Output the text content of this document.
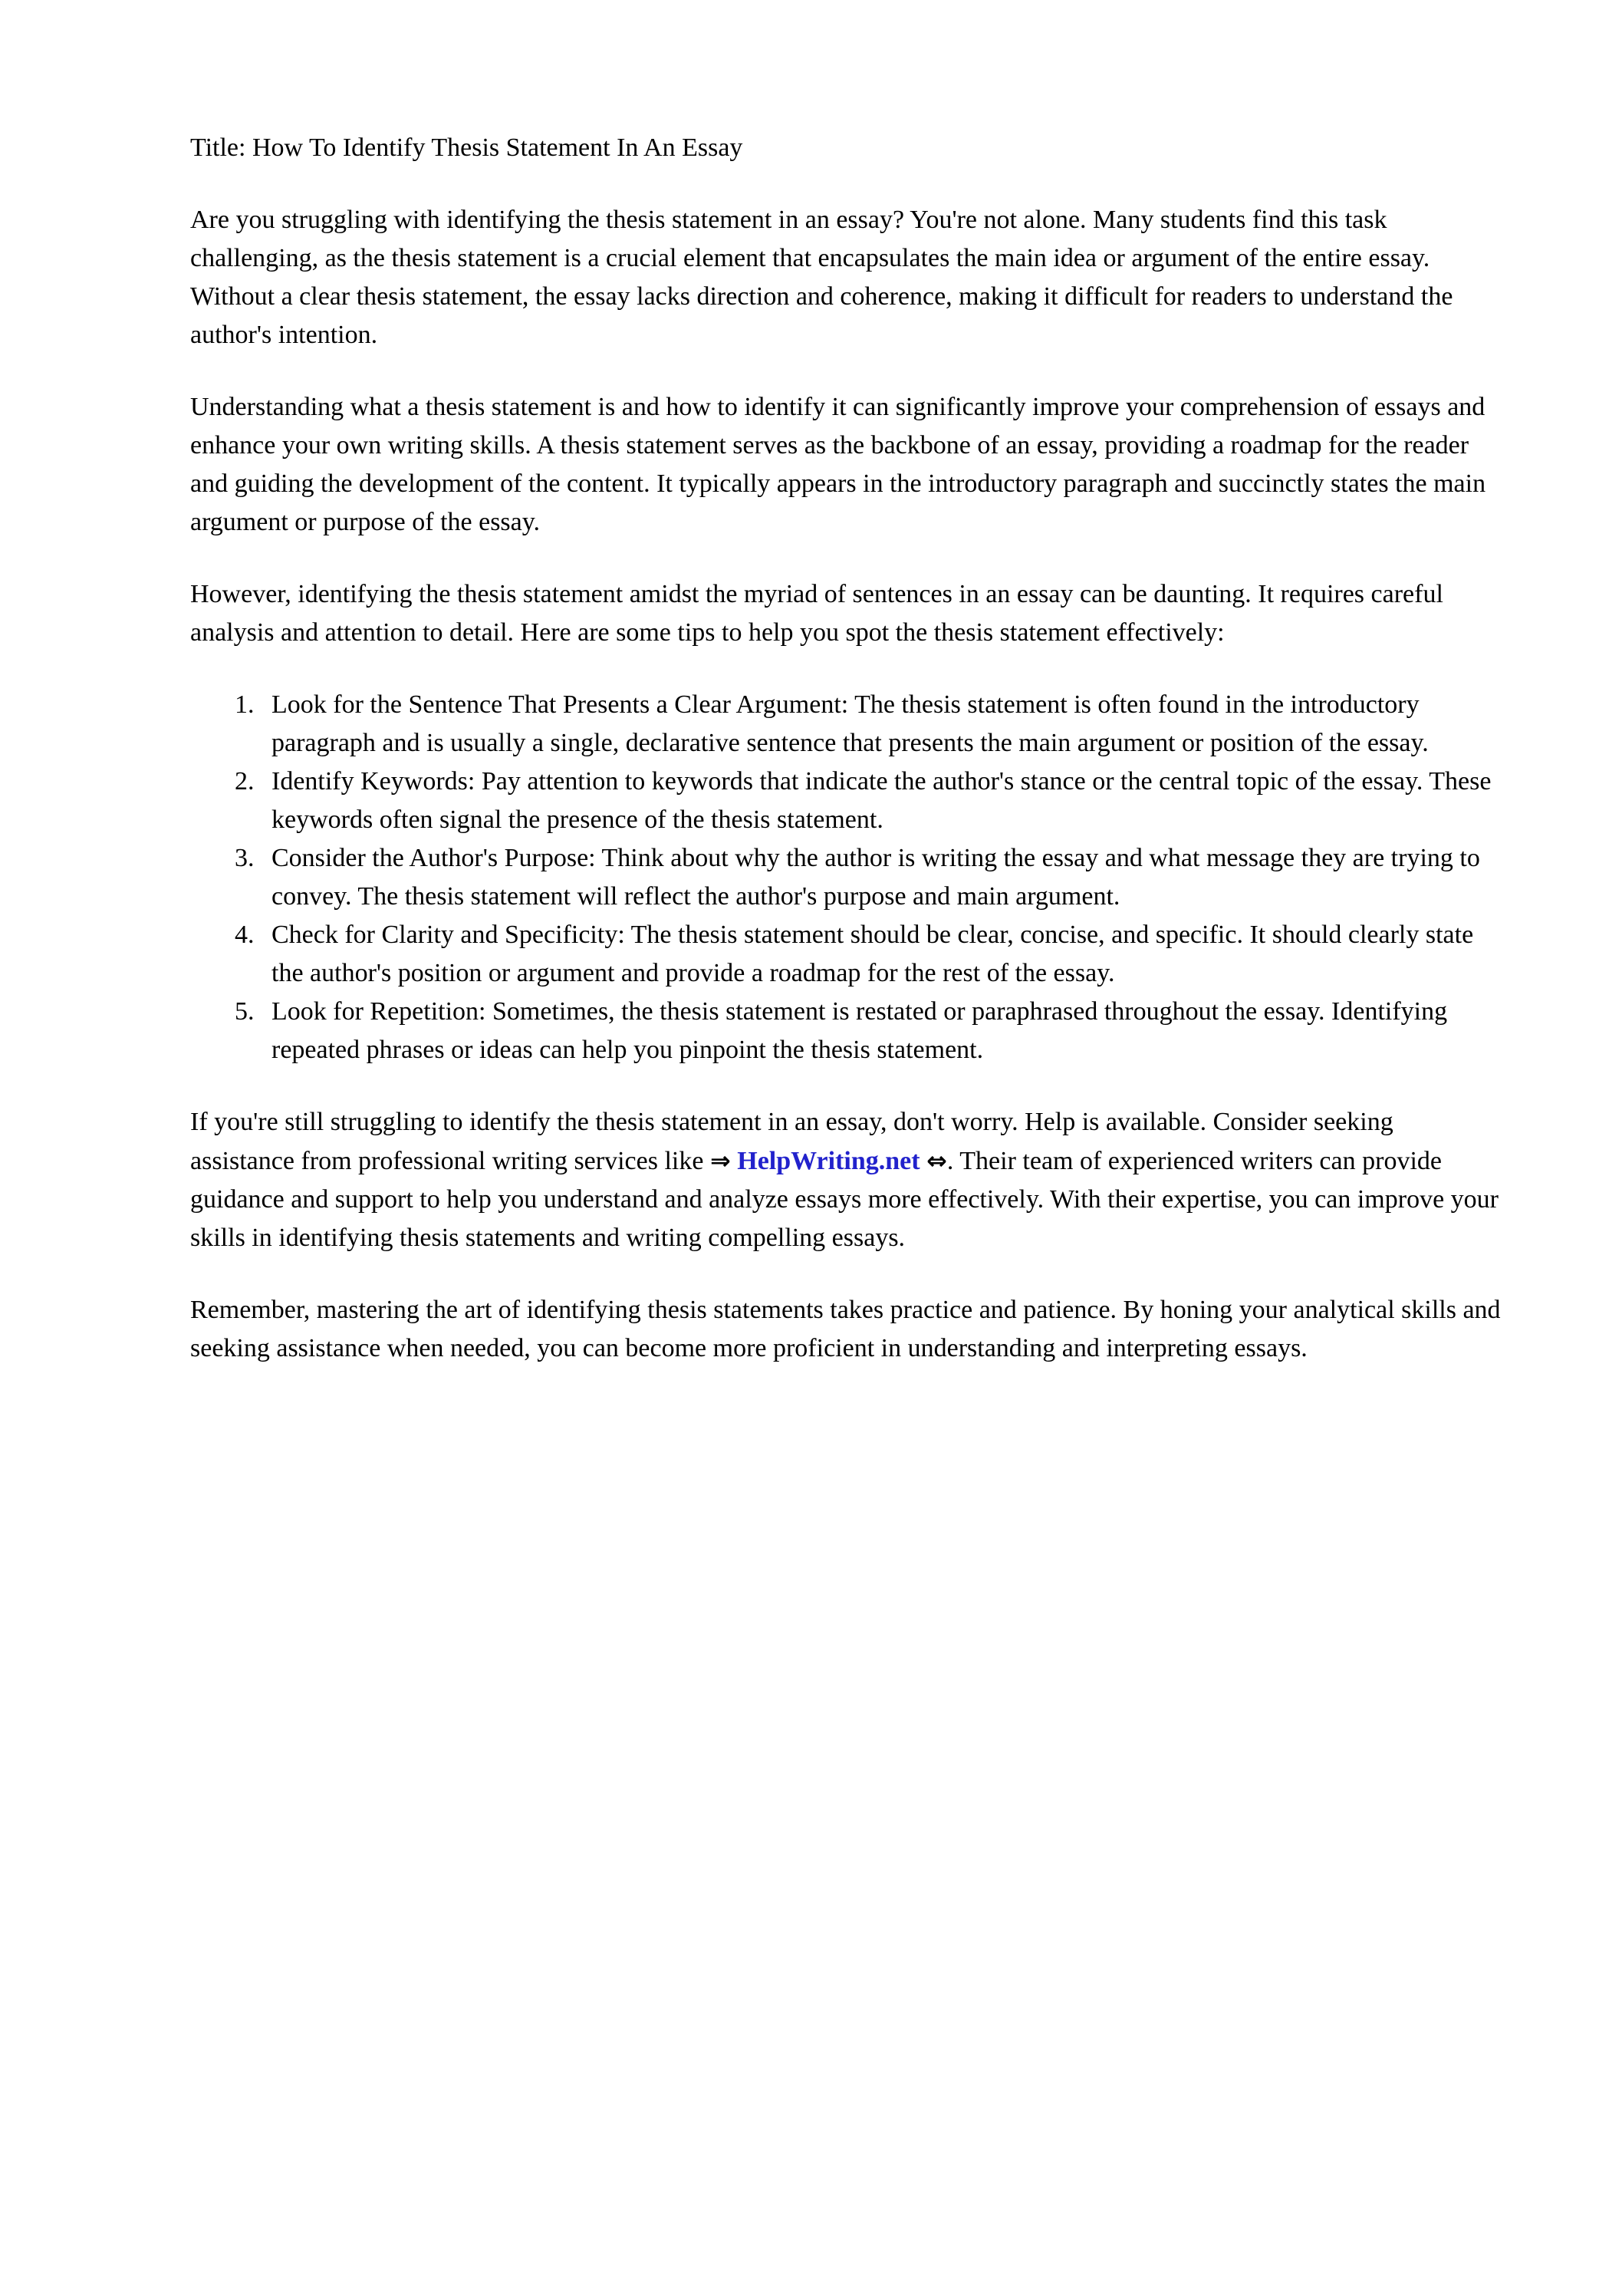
Title: How To Identify Thesis Statement In An Essay

Are you struggling with identifying the thesis statement in an essay? You're not alone. Many students find this task challenging, as the thesis statement is a crucial element that encapsulates the main idea or argument of the entire essay. Without a clear thesis statement, the essay lacks direction and coherence, making it difficult for readers to understand the author's intention.

Understanding what a thesis statement is and how to identify it can significantly improve your comprehension of essays and enhance your own writing skills. A thesis statement serves as the backbone of an essay, providing a roadmap for the reader and guiding the development of the content. It typically appears in the introductory paragraph and succinctly states the main argument or purpose of the essay.

However, identifying the thesis statement amidst the myriad of sentences in an essay can be daunting. It requires careful analysis and attention to detail. Here are some tips to help you spot the thesis statement effectively:

1. Look for the Sentence That Presents a Clear Argument: The thesis statement is often found in the introductory paragraph and is usually a single, declarative sentence that presents the main argument or position of the essay.
2. Identify Keywords: Pay attention to keywords that indicate the author's stance or the central topic of the essay. These keywords often signal the presence of the thesis statement.
3. Consider the Author's Purpose: Think about why the author is writing the essay and what message they are trying to convey. The thesis statement will reflect the author's purpose and main argument.
4. Check for Clarity and Specificity: The thesis statement should be clear, concise, and specific. It should clearly state the author's position or argument and provide a roadmap for the rest of the essay.
5. Look for Repetition: Sometimes, the thesis statement is restated or paraphrased throughout the essay. Identifying repeated phrases or ideas can help you pinpoint the thesis statement.

If you're still struggling to identify the thesis statement in an essay, don't worry. Help is available. Consider seeking assistance from professional writing services like ⇒ HelpWriting.net ⇔. Their team of experienced writers can provide guidance and support to help you understand and analyze essays more effectively. With their expertise, you can improve your skills in identifying thesis statements and writing compelling essays.

Remember, mastering the art of identifying thesis statements takes practice and patience. By honing your analytical skills and seeking assistance when needed, you can become more proficient in understanding and interpreting essays.
